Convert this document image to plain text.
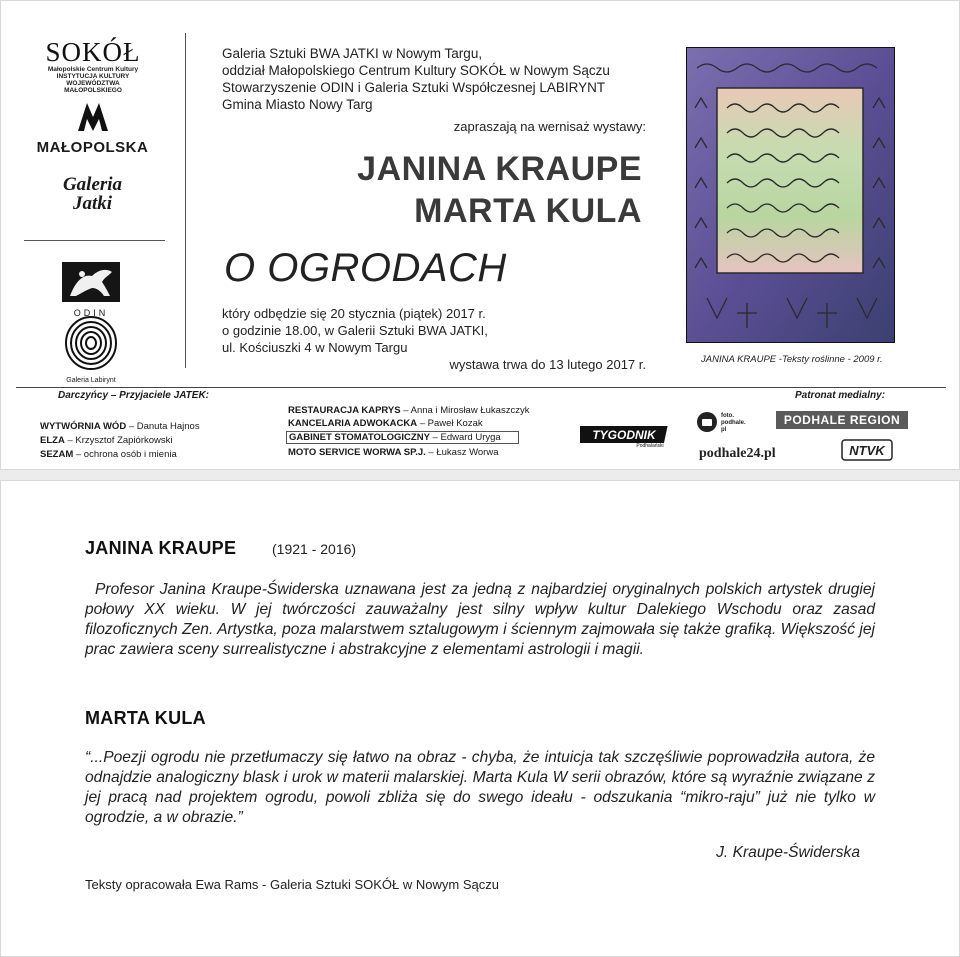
SOKÓŁ
Małopolskie Centrum Kultury
INSTYTUCJA KULTURY
WOJEWÓDZTWA MAŁOPOLSKIEGO
MAŁOPOLSKA
Galeria
Jatki
ODIN
Galeria Labirynt
Galeria Sztuki BWA JATKI w Nowym Targu,
oddział Małopolskiego Centrum Kultury SOKÓŁ w Nowym Sączu
Stowarzyszenie ODIN i Galeria Sztuki Współczesnej LABIRYNT
Gmina Miasto Nowy Targ
zapraszają na wernisaż wystawy:
JANINA KRAUPE
MARTA KULA
O OGRODACH
który odbędzie się 20 stycznia (piątek) 2017 r.
o godzinie 18.00, w Galerii Sztuki BWA JATKI,
ul. Kościuszki 4 w Nowym Targu
wystawa trwa do 13 lutego 2017 r.	JANINA KRAUPE -Teksty roślinne - 2009 r.
Darczyńcy – Przyjaciele JATEK:
WYTWÓRNIA WÓD – Danuta Hajnos
ELZA – Krzysztof Zapiórkowski
SEZAM – ochrona osób i mienia
RESTAURACJA KAPRYS – Anna i Mirosław Łukaszczyk
KANCELARIA ADWOKACKA – Paweł Kozak
GABINET STOMATOLOGICZNY – Edward Uryga
MOTO SERVICE WORWA SP.J. – Łukasz Worwa
TYGODNIK
Podhalański
Patronat medialny:
foto.
podhale.
pl
PODHALE REGION
podhale24.pl	NTVK
JANINA KRAUPE	(1921 - 2016)
Profesor Janina Kraupe-Świderska uznawana jest za jedną z najbardziej oryginalnych polskich artystek drugiej połowy XX wieku. W jej twórczości zauważalny jest silny wpływ kultur Dalekiego Wschodu oraz zasad filozoficznych Zen. Artystka, poza malarstwem sztalugowym i ściennym zajmowała się także grafiką. Większość jej prac zawiera sceny surrealistyczne i abstrakcyjne z elementami astrologii i magii.
MARTA KULA
“...Poezji ogrodu nie przetłumaczy się łatwo na obraz - chyba, że intuicja tak szczęśliwie poprowadziła autora, że odnajdzie analogiczny blask i urok w materii malarskiej. Marta Kula W serii obrazów, które są wyraźnie związane z jej pracą nad projektem ogrodu, powoli zbliża się do swego ideału - odszukania “mikro-raju” już nie tylko w ogrodzie, a w obrazie.”
J. Kraupe-Świderska
Teksty opracowała Ewa Rams - Galeria Sztuki SOKÓŁ w Nowym Sączu
